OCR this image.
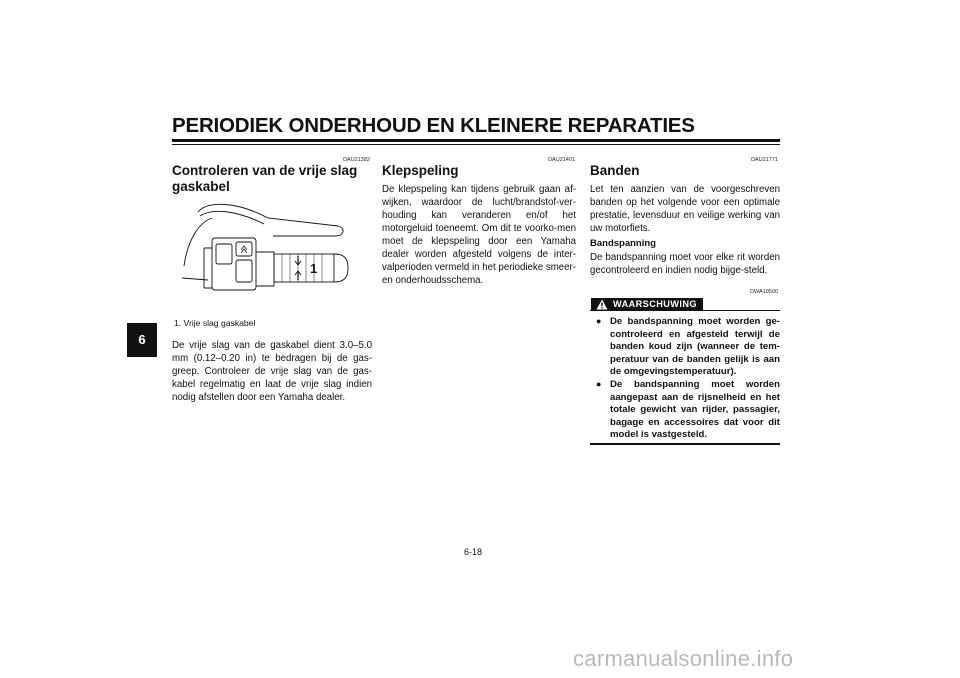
PERIODIEK ONDERHOUD EN KLEINERE REPARATIES
6
DAU21382
Controleren van de vrije slag
gaskabel
1
1. Vrije slag gaskabel
De vrije slag van de gaskabel dient 3.0–5.0 mm (0.12–0.20 in) te bedragen bij de gas-greep. Controleer de vrije slag van de gas-kabel regelmatig en laat de vrije slag indien nodig afstellen door een Yamaha dealer.
DAU21401
Klepspeling
De klepspeling kan tijdens gebruik gaan af-wijken, waardoor de lucht/brandstof-ver-houding kan veranderen en/of het motorgeluid toeneemt. Om dit te voorko-men moet de klepspeling door een Yamaha dealer worden afgesteld volgens de inter-valperioden vermeld in het periodieke smeer- en onderhoudsschema.
DAU21771
Banden
Let ten aanzien van de voorgeschreven banden op het volgende voor een optimale prestatie, levensduur en veilige werking van uw motorfiets.
Bandspanning
De bandspanning moet voor elke rit worden gecontroleerd en indien nodig bijge-steld.
DWA10500
WAARSCHUWING
● De bandspanning moet worden ge-controleerd en afgesteld terwijl de banden koud zijn (wanneer de tem-peratuur van de banden gelijk is aan de omgevingstemperatuur).
● De bandspanning moet worden aangepast aan de rijsnelheid en het totale gewicht van rijder, passagier, bagage en accessoires dat voor dit model is vastgesteld.
6-18
carmanualsonline.info
